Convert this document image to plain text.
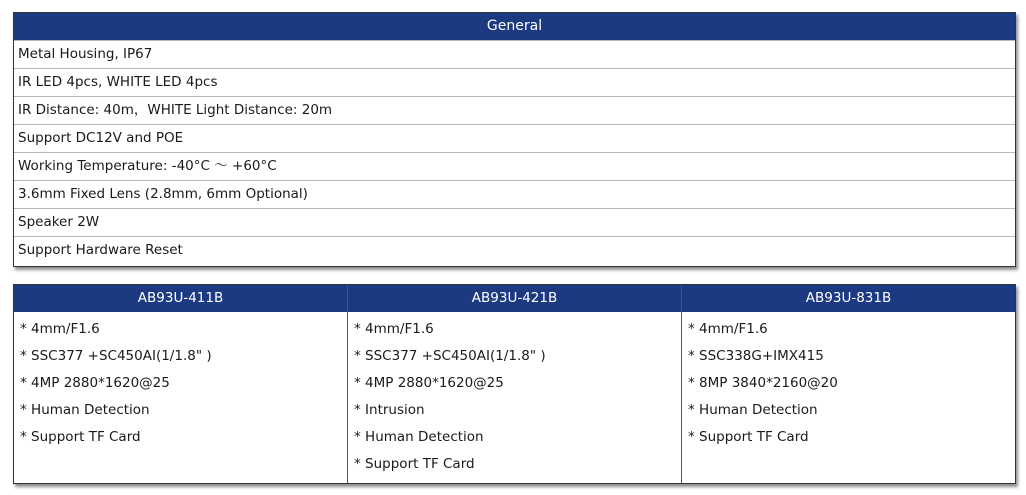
General
Metal Housing, IP67
IR LED 4pcs, WHITE LED 4pcs
IR Distance: 40m，WHITE Light Distance: 20m
Support DC12V and POE
Working Temperature: -40°C ～ +60°C
3.6mm Fixed Lens (2.8mm, 6mm Optional)
Speaker 2W
Support Hardware Reset
AB93U-411B
* 4mm/F1.6
* SSC377 +SC450AI(1/1.8" )
* 4MP 2880*1620@25
* Human Detection
* Support TF Card
AB93U-421B
* 4mm/F1.6
* SSC377 +SC450AI(1/1.8" )
* 4MP 2880*1620@25
* Intrusion
* Human Detection
* Support TF Card
AB93U-831B
* 4mm/F1.6
* SSC338G+IMX415
* 8MP 3840*2160@20
* Human Detection
* Support TF Card
